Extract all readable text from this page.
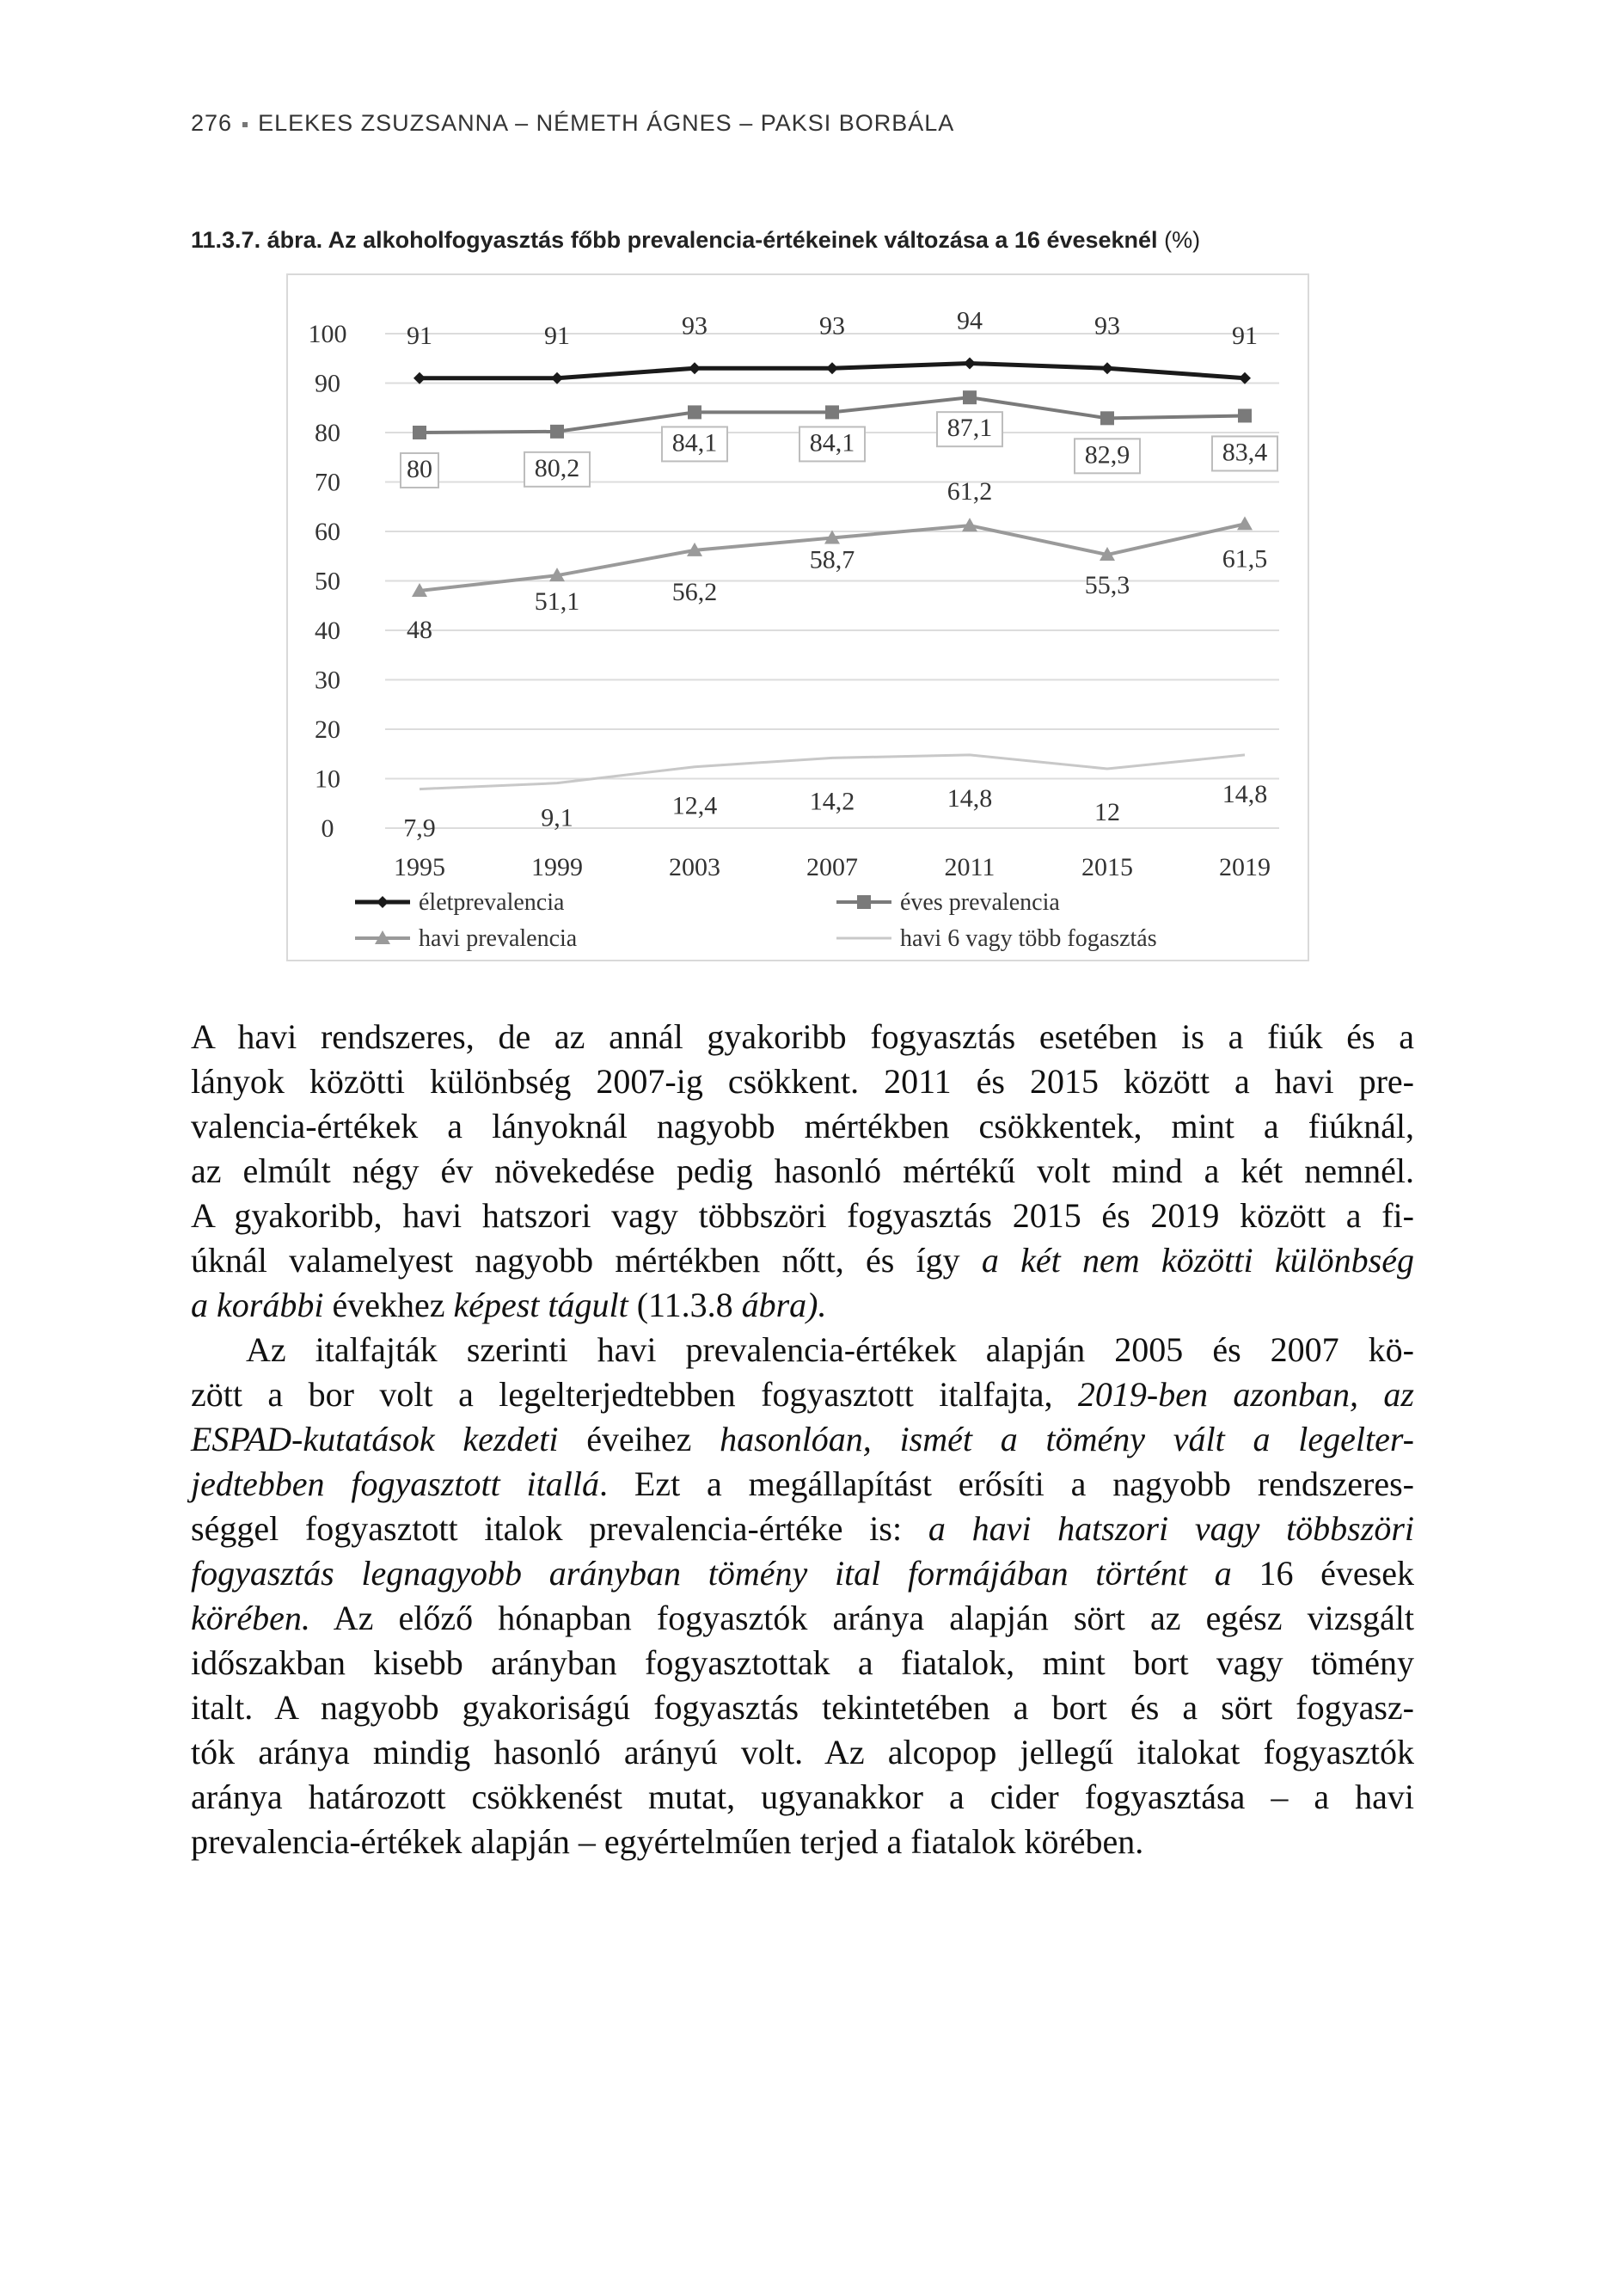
276 ELEKES ZSUZSANNA – NÉMETH ÁGNES – PAKSI BORBÁLA
11.3.7. ábra. Az alkoholfogyasztás főbb prevalencia-értékeinek változása a 16 éveseknél (%)
0
10
20
30
40
50
60
70
80
90
100
1995	1999	2003	2007	2011	2015	2019
91	91	93	93	94	93	91
80	80,2
84,1	84,1
87,1
82,9	83,4
48
51,1	56,2
58,7
61,2
55,3
61,5
7,9	9,1	12,4	14,2	14,8	12
14,8
életprevalencia	éves prevalencia
havi prevalencia	havi 6 vagy több fogasztás

A havi rendszeres, de az annál gyakoribb fogyasztás esetében is a fiúk és a
lányok közötti különbség 2007-ig csökkent. 2011 és 2015 között a havi pre-
valencia-értékek a lányoknál nagyobb mértékben csökkentek, mint a fiúknál,
az elmúlt négy év növekedése pedig hasonló mértékű volt mind a két nemnél.
A gyakoribb, havi hatszori vagy többszöri fogyasztás 2015 és 2019 között a fi-
úknál valamelyest nagyobb mértékben nőtt, és így a két nem közötti különbség
a korábbi évekhez képest tágult (11.3.8 ábra).

Az italfajták szerinti havi prevalencia-értékek alapján 2005 és 2007 kö-
zött a bor volt a legelterjedtebben fogyasztott italfajta, 2019-ben azonban, az
ESPAD-kutatások kezdeti éveihez hasonlóan, ismét a tömény vált a legelter-
jedtebben fogyasztott itallá. Ezt a megállapítást erősíti a nagyobb rendszeres-
séggel fogyasztott italok prevalencia-értéke is: a havi hatszori vagy többszöri
fogyasztás legnagyobb arányban tömény ital formájában történt a 16 évesek
körében. Az előző hónapban fogyasztók aránya alapján sört az egész vizsgált
időszakban kisebb arányban fogyasztottak a fiatalok, mint bort vagy tömény
italt. A nagyobb gyakoriságú fogyasztás tekintetében a bort és a sört fogyasz-
tók aránya mindig hasonló arányú volt. Az alcopop jellegű italokat fogyasztók
aránya határozott csökkenést mutat, ugyanakkor a cider fogyasztása – a havi
prevalencia-értékek alapján – egyértelműen terjed a fiatalok körében.
